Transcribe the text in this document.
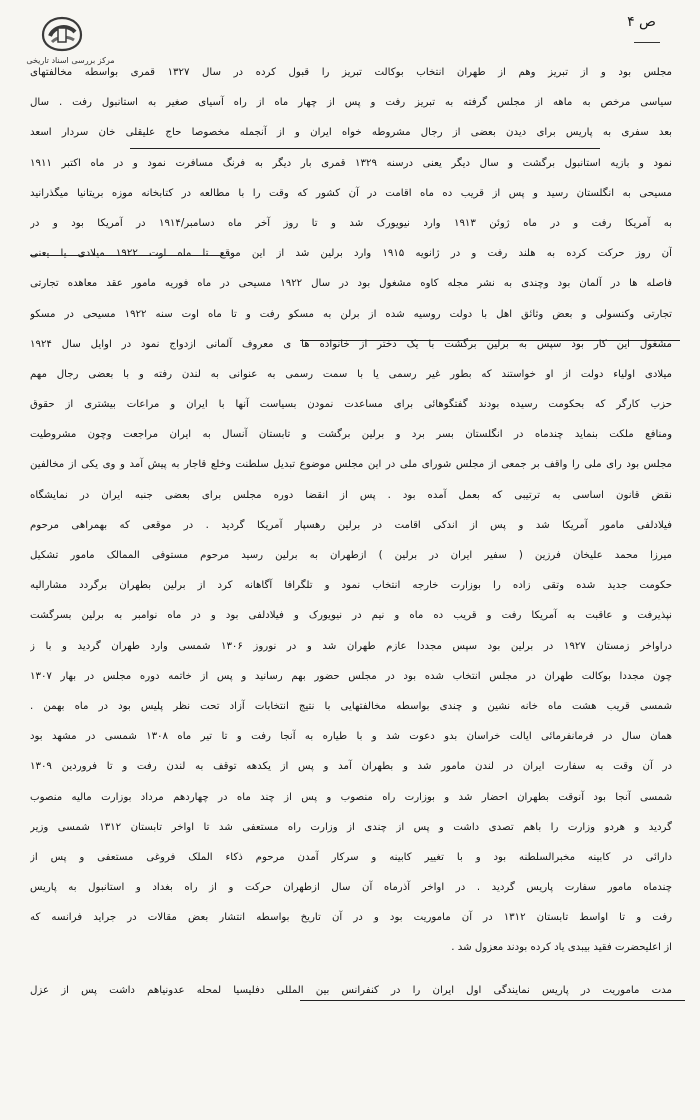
مرکز بررسی اسناد تاریخی
ص ۴
مجلس بود و از تبریز وهم از طهران انتخاب بوکالت تبریز را قبول کرده در سال ۱۳۲۷ قمری بواسطه مخالفتهای
سیاسی مرخص به ماهه از مجلس گرفته به تبریز رفت و پس از چهار ماه از راه آسیای صغیر به استانبول رفت . سال
بعد سفری به پاریس برای دیدن بعضی از رجال مشروطه خواه ایران و از آنجمله مخصوصا حاج علیقلی خان سردار اسعد
نمود و بازیه استانبول برگشت و سال دیگر یعنی درسنه ۱۳۲۹ قمری بار دیگر به فرنگ مسافرت نمود و در ماه اکتبر ۱۹۱۱
مسیحی به انگلستان رسید و پس از قریب ده ماه اقامت در آن کشور که وقت را با مطالعه در کتابخانه موزه بریتانیا میگذرانید
به آمریکا رفت و در ماه ژوئن ۱۹۱۳ وارد نیویورک شد و تا روز آخر ماه دسامبر/۱۹۱۴ در آمریکا بود و در
آن روز حرکت کرده به هلند رفت و در ژانویه ۱۹۱۵ وارد برلین شد از این موقع تا ماه اوت ۱۹۲۲ میلادی یا یعنی
فاصله ها در آلمان بود وچندی به نشر مجله کاوه مشغول بود در سال ۱۹۲۲ مسیحی در ماه فوریه مامور عقد معاهده تجارتی
تجارتی وکنسولی و بعض وثائق اهل با دولت روسیه شده از برلن به مسکو رفت و تا ماه اوت سنه ۱۹۲۲ مسیحی در مسکو
مشغول این کار بود سپس به برلین برگشت با یک دختر از خانواده ها ی معروف آلمانی ازدواج نمود در اوایل سال ۱۹۲۴
میلادی اولیاء دولت از او خواستند که بطور غیر رسمی یا با سمت رسمی به عنوانی به لندن رفته و با بعضی رجال مهم
حزب کارگر که بحکومت رسیده بودند گفتگوهائی برای مساعدت نمودن بسیاست آنها با ایران و مراعات بیشتری از حقوق
ومنافع ملکت بنماید چندماه در انگلستان بسر برد و برلین برگشت و تابستان آنسال به ایران مراجعت وچون مشروطیت
مجلس بود رای ملی را واقف بر جمعی از مجلس شورای ملی در این مجلس موضوع تبدیل سلطنت وخلع قاجار به پیش آمد و وی یکی از مخالفین
نقض قانون اساسی به ترتیبی که بعمل آمده بود . پس از انقضا دوره مجلس برای بعضی جنبه ایران در نمایشگاه
فیلادلفی مامور آمریکا شد و پس از اندکی اقامت در برلین رهسپار آمریکا گردید . در موقعی که بهمراهی مرحوم
میرزا محمد علیخان فرزین ( سفیر ایران در برلین ) ازطهران به برلین رسید مرحوم مستوفی الممالک مامور تشکیل
حکومت جدید شده وتقی زاده را بوزارت خارجه انتخاب نمود و تلگرافا آگاهانه کرد از برلین بطهران برگردد مشارالیه
نپذیرفت و عاقبت به آمریکا رفت و قریب ده ماه و نیم در نیویورک و فیلادلفی بود و در ماه نوامبر به برلین بسرگشت
دراواخر زمستان ۱۹۲۷ در برلین بود سپس مجددا عازم طهران شد و در نوروز ۱۳۰۶ شمسی وارد طهران گردید و با ز
چون مجددا بوکالت طهران در مجلس انتخاب شده بود در مجلس حضور بهم رسانید و پس از خاتمه دوره مجلس در بهار ۱۳۰۷
شمسی قریب هشت ماه خانه نشین و چندی بواسطه مخالفتهایی با نتیج انتخابات آزاد تحت نظر پلیس بود در ماه بهمن .
همان سال در فرمانفرمائی ایالت خراسان بدو دعوت شد و با طیاره به آنجا رفت و تا تیر ماه ۱۳۰۸ شمسی در مشهد بود
در آن وقت به سفارت ایران در لندن مامور شد و بطهران آمد و پس از یکدهه توقف به لندن رفت و تا فروردین ۱۳۰۹
شمسی آنجا بود آنوقت بطهران احضار شد و بوزارت راه منصوب و پس از چند ماه در چهاردهم مرداد بوزارت مالیه منصوب
گردید و هردو وزارت را باهم تصدی داشت و پس از چندی از وزارت راه مستعفی شد تا اواخر تابستان ۱۳۱۲ شمسی وزیر
دارائی در کابینه مخبرالسلطنه بود و با تغییر کابینه و سرکار آمدن مرحوم ذکاء الملک فروغی مستعفی و پس از
چندماه مامور سفارت پاریس گردید . در اواخر آذرماه آن سال ازطهران حرکت و از راه بغداد و استانبول به پاریس
رفت و تا اواسط تابستان ۱۳۱۲ در آن ماموریت بود و در آن تاریخ بواسطه انتشار بعض مقالات در جراید فرانسه که
از اعلیحضرت فقید بیبدی یاد کرده بودند معزول شد .
مدت ماموریت در پاریس نمایندگی اول ایران را در کنفرانس بین المللی دفلیسیا لمحله عدونیاهم داشت پس از عزل
